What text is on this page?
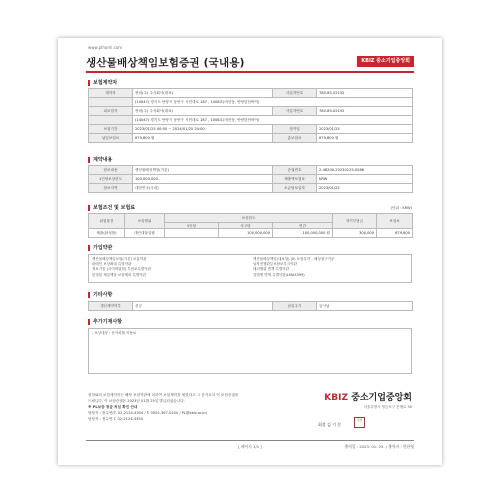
www.plhomi.com
생산물배상책임보험증권 (국내용)	KBIZ 중소기업중앙회
보험계약자
계약자	썬비(주) 주식회사(대표)	사업자번호	780-85-02192
	(14047) 경기도 안양시 동안구 시민대로 187 , 1008호(비산동, 안양한산바이)		
피보험자	썬비(주) 주식회사(대표)	사업자번호	780-85-02192
	(14047) 경기도 안양시 동안구 시민대로 187 , 1008호(비산동, 안양한산바이)		
보험기간	2023/01/25 00:00 ~ 2024/01/25 24:00	청약일	2023/01/25
납입보험료	679,800 원	총보험료	679,800 원
계약내용
담보내용	생산물배상책임(기본)	증권번호	2-48200-20230125-0086
1인당보상한도	100,000,000 -	제출액보험료	KRW
담보지역	대한민국(국내)	소급담보일자	2023/01/25
보험조건 및 보험료	(단위 : KRW)
위험물건	보상범위	보상한도			자기부담금	보험료
		1인당	사고당	연간		
제품(완성품)	대인대물일괄		100,000,000	100,000,000 원	300,000	679,800
가입약관
생산물배상책임보험(기본) 보통약관
판매인 보상확대 특별약관
정보기술 (사이버위험) 부담보특별약관
한정된 제일액을 보험제외 특별약관
생산물배상책임(대보험) (II) 포함특약 – 배상청구기준
납북전쟁관부보담보부크약관
테러행위 면책 특별약관
감염병 면책 특별약관(LMA5399)
기타사항
갱신계약여부	신규	납입주기	일시납
추가기재사항
- 보상대상 : 선커피월 이용료
귀하와의 보험계약자는 해당 보험약관에 의하여 보험계약을 체결하고 그 증거로서 이 보험증권을
드립니다. 이 보험증권은 2023년 01월 25일 발급되었습니다.
※ PL보증 청급 처임 확인 안내
담당자 : 정수연(T. 02-2124-4354 / F. 0502-367-0200 / PL@kbiz.or.kr)
담당자 : 정수연 T. 02-2124-4354
KBIZ 중소기업중앙회
서울특별시 영등포구 은행로 30
회장 김 기 문
직인
[ 페이지 1/1 ]	출력일 : 2023. 01. 25. / 출력자 : 한한영
